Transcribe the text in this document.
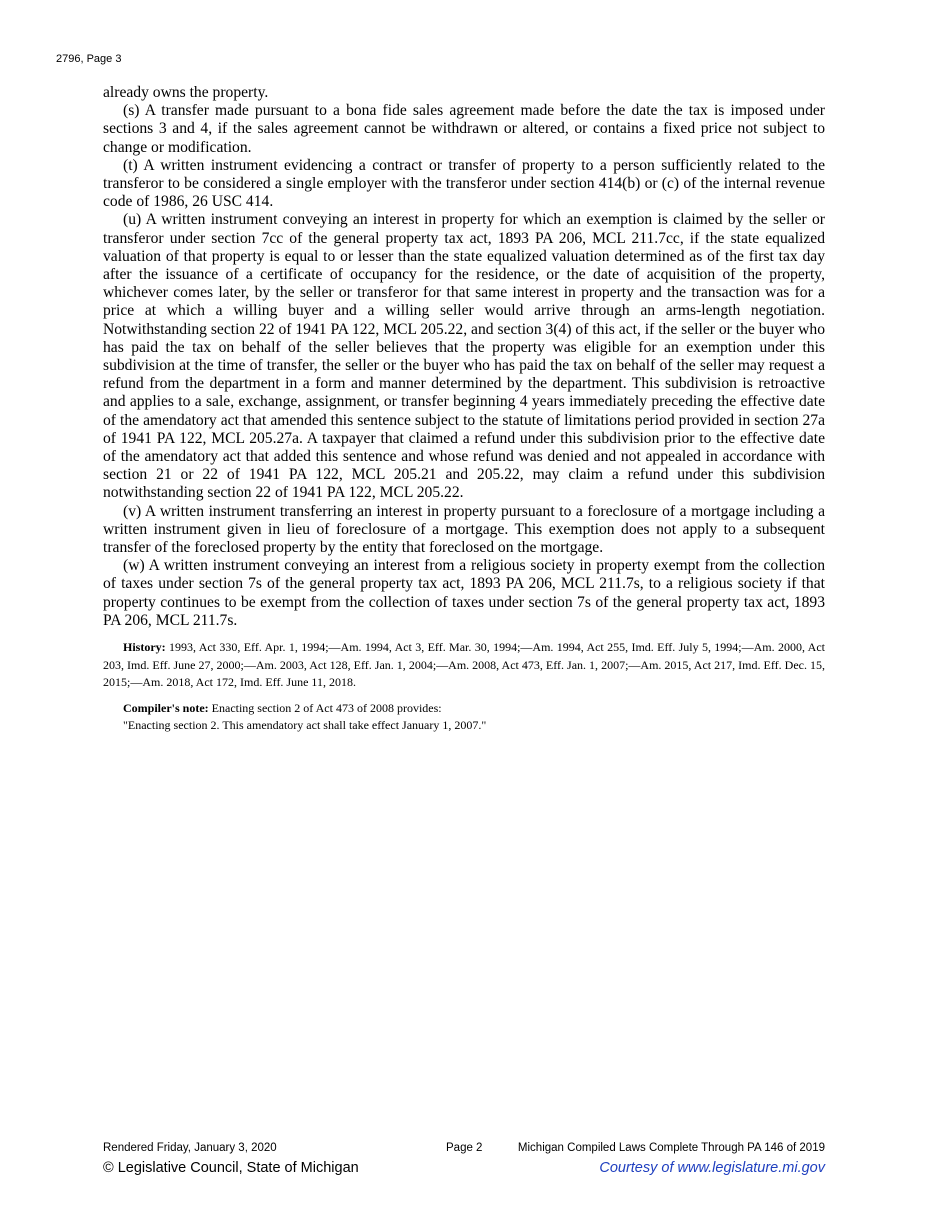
2796, Page 3

already owns the property.

(s) A transfer made pursuant to a bona fide sales agreement made before the date the tax is imposed under sections 3 and 4, if the sales agreement cannot be withdrawn or altered, or contains a fixed price not subject to change or modification.

(t) A written instrument evidencing a contract or transfer of property to a person sufficiently related to the transferor to be considered a single employer with the transferor under section 414(b) or (c) of the internal revenue code of 1986, 26 USC 414.

(u) A written instrument conveying an interest in property for which an exemption is claimed by the seller or transferor under section 7cc of the general property tax act, 1893 PA 206, MCL 211.7cc, if the state equalized valuation of that property is equal to or lesser than the state equalized valuation determined as of the first tax day after the issuance of a certificate of occupancy for the residence, or the date of acquisition of the property, whichever comes later, by the seller or transferor for that same interest in property and the transaction was for a price at which a willing buyer and a willing seller would arrive through an arms-length negotiation. Notwithstanding section 22 of 1941 PA 122, MCL 205.22, and section 3(4) of this act, if the seller or the buyer who has paid the tax on behalf of the seller believes that the property was eligible for an exemption under this subdivision at the time of transfer, the seller or the buyer who has paid the tax on behalf of the seller may request a refund from the department in a form and manner determined by the department. This subdivision is retroactive and applies to a sale, exchange, assignment, or transfer beginning 4 years immediately preceding the effective date of the amendatory act that amended this sentence subject to the statute of limitations period provided in section 27a of 1941 PA 122, MCL 205.27a. A taxpayer that claimed a refund under this subdivision prior to the effective date of the amendatory act that added this sentence and whose refund was denied and not appealed in accordance with section 21 or 22 of 1941 PA 122, MCL 205.21 and 205.22, may claim a refund under this subdivision notwithstanding section 22 of 1941 PA 122, MCL 205.22.

(v) A written instrument transferring an interest in property pursuant to a foreclosure of a mortgage including a written instrument given in lieu of foreclosure of a mortgage. This exemption does not apply to a subsequent transfer of the foreclosed property by the entity that foreclosed on the mortgage.

(w) A written instrument conveying an interest from a religious society in property exempt from the collection of taxes under section 7s of the general property tax act, 1893 PA 206, MCL 211.7s, to a religious society if that property continues to be exempt from the collection of taxes under section 7s of the general property tax act, 1893 PA 206, MCL 211.7s.

History: 1993, Act 330, Eff. Apr. 1, 1994;—Am. 1994, Act 3, Eff. Mar. 30, 1994;—Am. 1994, Act 255, Imd. Eff. July 5, 1994;—Am. 2000, Act 203, Imd. Eff. June 27, 2000;—Am. 2003, Act 128, Eff. Jan. 1, 2004;—Am. 2008, Act 473, Eff. Jan. 1, 2007;—Am. 2015, Act 217, Imd. Eff. Dec. 15, 2015;—Am. 2018, Act 172, Imd. Eff. June 11, 2018.

Compiler's note: Enacting section 2 of Act 473 of 2008 provides:

"Enacting section 2. This amendatory act shall take effect January 1, 2007."

Rendered Friday, January 3, 2020	Page 2	Michigan Compiled Laws Complete Through PA 146 of 2019
© Legislative Council, State of Michigan	Courtesy of www.legislature.mi.gov
